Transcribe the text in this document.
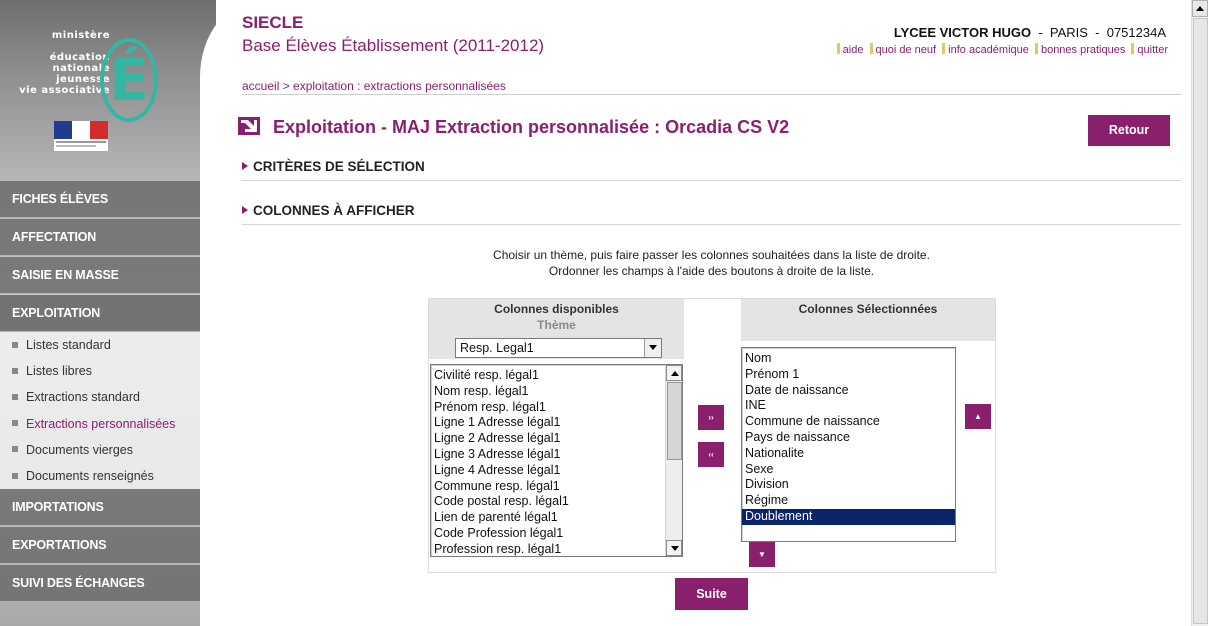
ministère
éducation
nationale
jeunesse
vie associative É
FICHES ÉLÈVES
AFFECTATION
SAISIE EN MASSE
EXPLOITATION
Listes standard
Listes libres
Extractions standard
Extractions personnalisées
Documents vierges
Documents renseignés
IMPORTATIONS
EXPORTATIONS
SUIVI DES ÉCHANGES
SIECLE
Base Élèves Établissement (2011-2012)
LYCEE VICTOR HUGO  -  PARIS  -  0751234A
aide quoi de neuf info académique bonnes pratiques quitter
accueil > exploitation : extractions personnalisées
Exploitation - MAJ Extraction personnalisée : Orcadia CS V2	Retour
CRITÈRES DE SÉLECTION
COLONNES À AFFICHER
Choisir un thème, puis faire passer les colonnes souhaitées dans la liste de droite.
Ordonner les champs à l'aide des boutons à droite de la liste.
Colonnes disponibles
Thème
Resp. Legal1
Colonnes Sélectionnées
Civilité resp. légal1
Nom resp. légal1
Prénom resp. légal1
Ligne 1 Adresse légal1
Ligne 2 Adresse légal1
Ligne 3 Adresse légal1
Ligne 4 Adresse légal1
Commune resp. légal1
Code postal resp. légal1
Lien de parenté légal1
Code Profession légal1
Profession resp. légal1
Nom
Prénom 1
Date de naissance
INE
Commune de naissance
Pays de naissance
Nationalite
Sexe
Division
Régime
Doublement
››
‹‹
▲
▼
Suite
